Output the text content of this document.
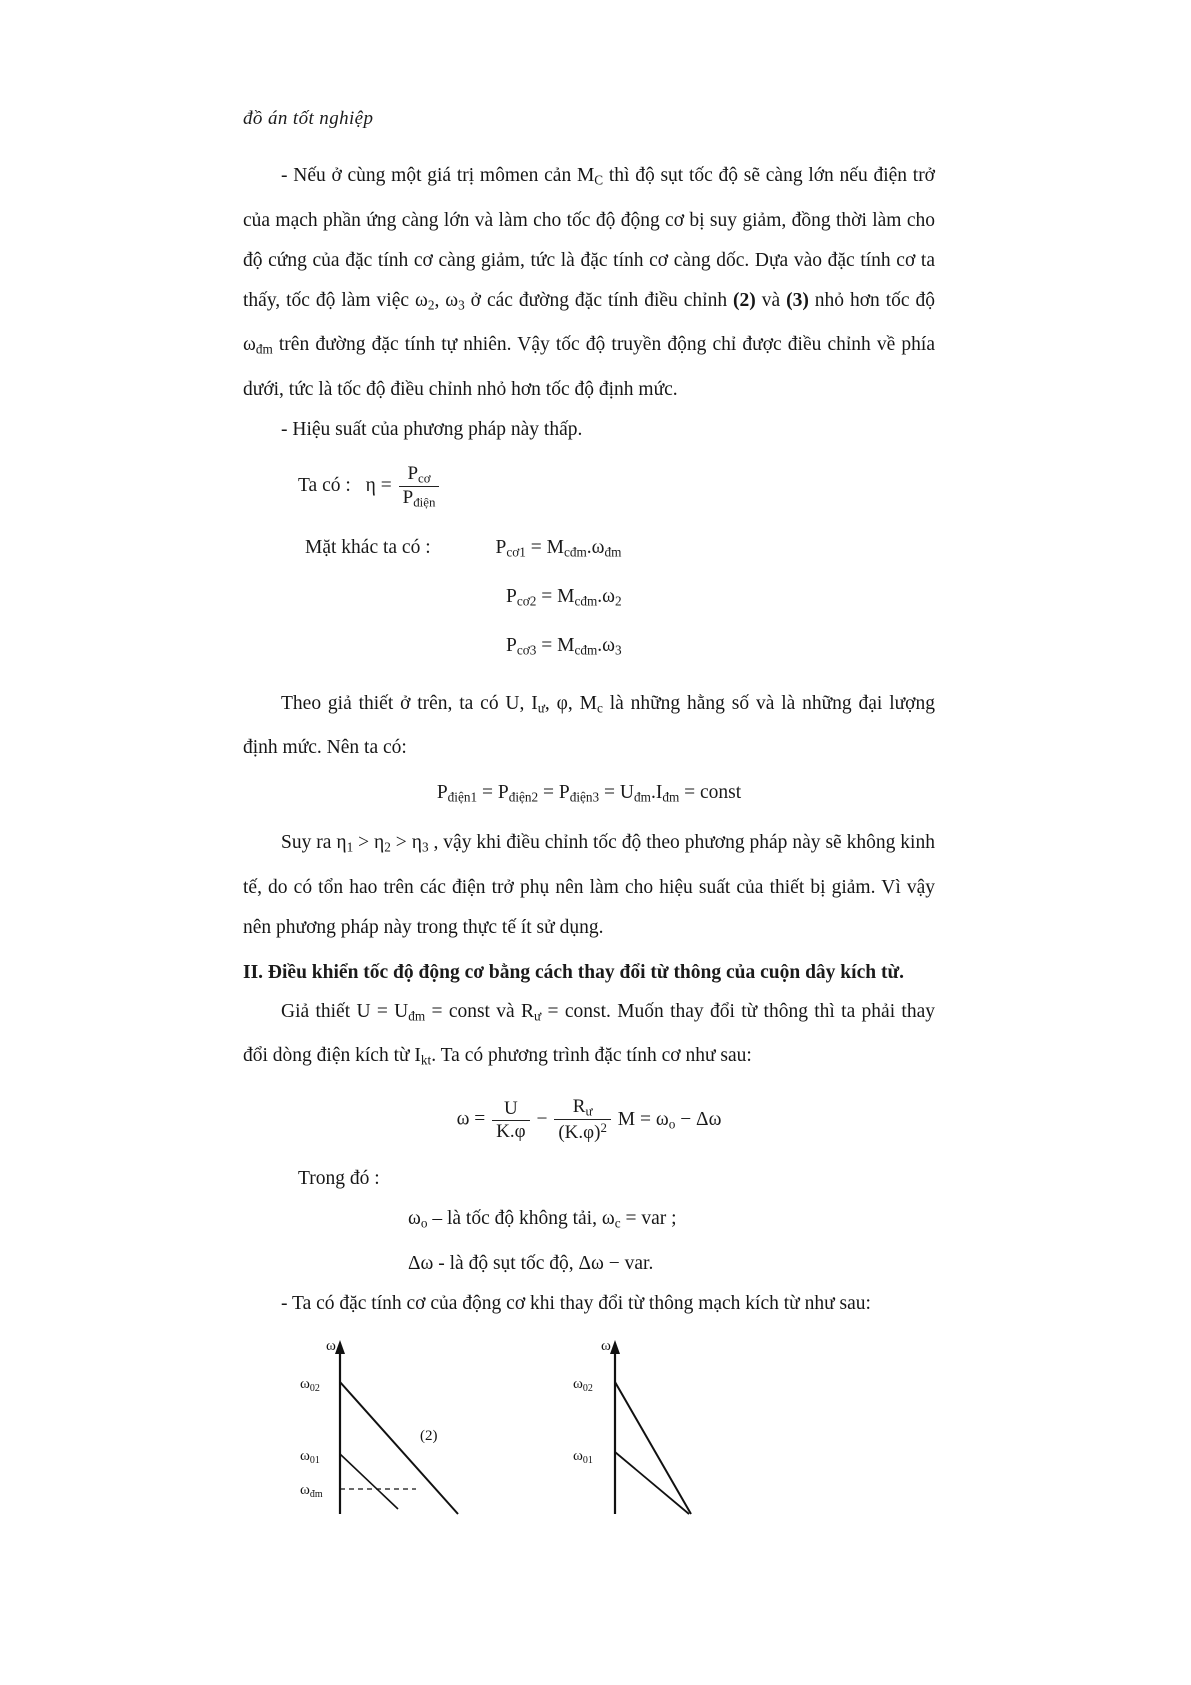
đồ án tốt nghiệp

- Nếu ở cùng một giá trị mômen cản $M_C$ thì độ sụt tốc độ sẽ càng lớn nếu điện trở của mạch phần ứng càng lớn và làm cho tốc độ động cơ bị suy giảm, đồng thời làm cho độ cứng của đặc tính cơ càng giảm, tức là đặc tính cơ càng dốc. Dựa vào đặc tính cơ ta thấy, tốc độ làm việc $\omega_2$, $\omega_3$ ở các đường đặc tính điều chỉnh (2) và (3) nhỏ hơn tốc độ $\omega_{đm}$ trên đường đặc tính tự nhiên. Vậy tốc độ truyền động chỉ được điều chỉnh về phía dưới, tức là tốc độ điều chỉnh nhỏ hơn tốc độ định mức.

- Hiệu suất của phương pháp này thấp.

Ta có : $\eta = \frac{P_{cơ}}{P_{điện}}$
Mặt khác ta có :	$P_{cơ1} = M_{cđm}.\omega_{đm}$
$P_{cơ2} = M_{cđm}.\omega_2$
$P_{cơ3} = M_{cđm}.\omega_3$

Theo giả thiết ở trên, ta có U, $I_ư$, φ, $M_c$ là những hằng số và là những đại lượng định mức. Nên ta có:

$P_{điện1} = P_{điện2} = P_{điện3} = U_{đm}.I_{đm}$ = const

Suy ra $\eta_1 > \eta_2 > \eta_3$ , vậy khi điều chỉnh tốc độ theo phương pháp này sẽ không kinh tế, do có tổn hao trên các điện trở phụ nên làm cho hiệu suất của thiết bị giảm. Vì vậy nên phương pháp này trong thực tế ít sử dụng.

II. Điều khiển tốc độ động cơ bằng cách thay đổi từ thông của cuộn dây kích từ.

Giả thiết $U = U_{đm}$ = const và $R_ư$ = const. Muốn thay đổi từ thông thì ta phải thay đổi dòng điện kích từ $I_{kt}$. Ta có phương trình đặc tính cơ như sau:

$\omega = \frac{U}{K.\varphi} - \frac{R_ư}{(K.\varphi)^2}$ $M = \omega_o - \Delta\omega$

Trong đó :

$\omega_o$ – là tốc độ không tải, $\omega_c$ = var ;

Δω - là độ sụt tốc độ, Δω − var.

- Ta có đặc tính cơ của động cơ khi thay đổi từ thông mạch kích từ như sau:

ω
$\omega_{02}$
$\omega_{01}$
$\omega_{đm}$
(2)
ω
$\omega_{02}$
$\omega_{01}$
